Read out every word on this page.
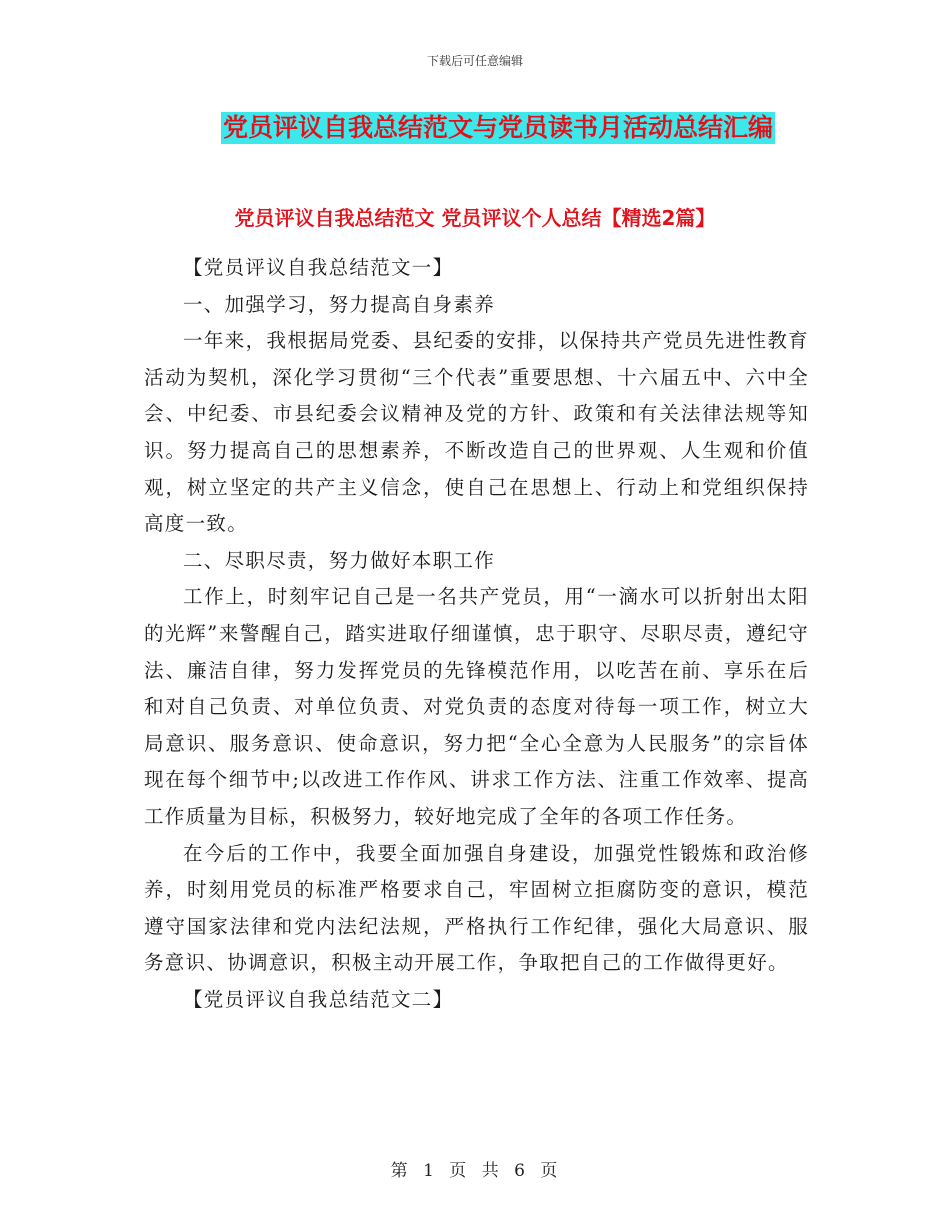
下载后可任意编辑
党员评议自我总结范文与党员读书月活动总结汇编
党员评议自我总结范文 党员评议个人总结【精选2篇】

【党员评议自我总结范文一】

一、加强学习，努力提高自身素养

一年来，我根据局党委、县纪委的安排，以保持共产党员先进性教育活动为契机，深化学习贯彻“三个代表”重要思想、十六届五中、六中全会、中纪委、市县纪委会议精神及党的方针、政策和有关法律法规等知识。努力提高自己的思想素养，不断改造自己的世界观、人生观和价值观，树立坚定的共产主义信念，使自己在思想上、行动上和党组织保持高度一致。

二、尽职尽责，努力做好本职工作

工作上，时刻牢记自己是一名共产党员，用“一滴水可以折射出太阳的光辉”来警醒自己，踏实进取仔细谨慎，忠于职守、尽职尽责，遵纪守法、廉洁自律，努力发挥党员的先锋模范作用，以吃苦在前、享乐在后和对自己负责、对单位负责、对党负责的态度对待每一项工作，树立大局意识、服务意识、使命意识，努力把“全心全意为人民服务”的宗旨体现在每个细节中;以改进工作作风、讲求工作方法、注重工作效率、提高工作质量为目标，积极努力，较好地完成了全年的各项工作任务。

在今后的工作中，我要全面加强自身建设，加强党性锻炼和政治修养，时刻用党员的标准严格要求自己，牢固树立拒腐防变的意识，模范遵守国家法律和党内法纪法规，严格执行工作纪律，强化大局意识、服务意识、协调意识，积极主动开展工作，争取把自己的工作做得更好。

【党员评议自我总结范文二】

第 1 页 共 6 页
